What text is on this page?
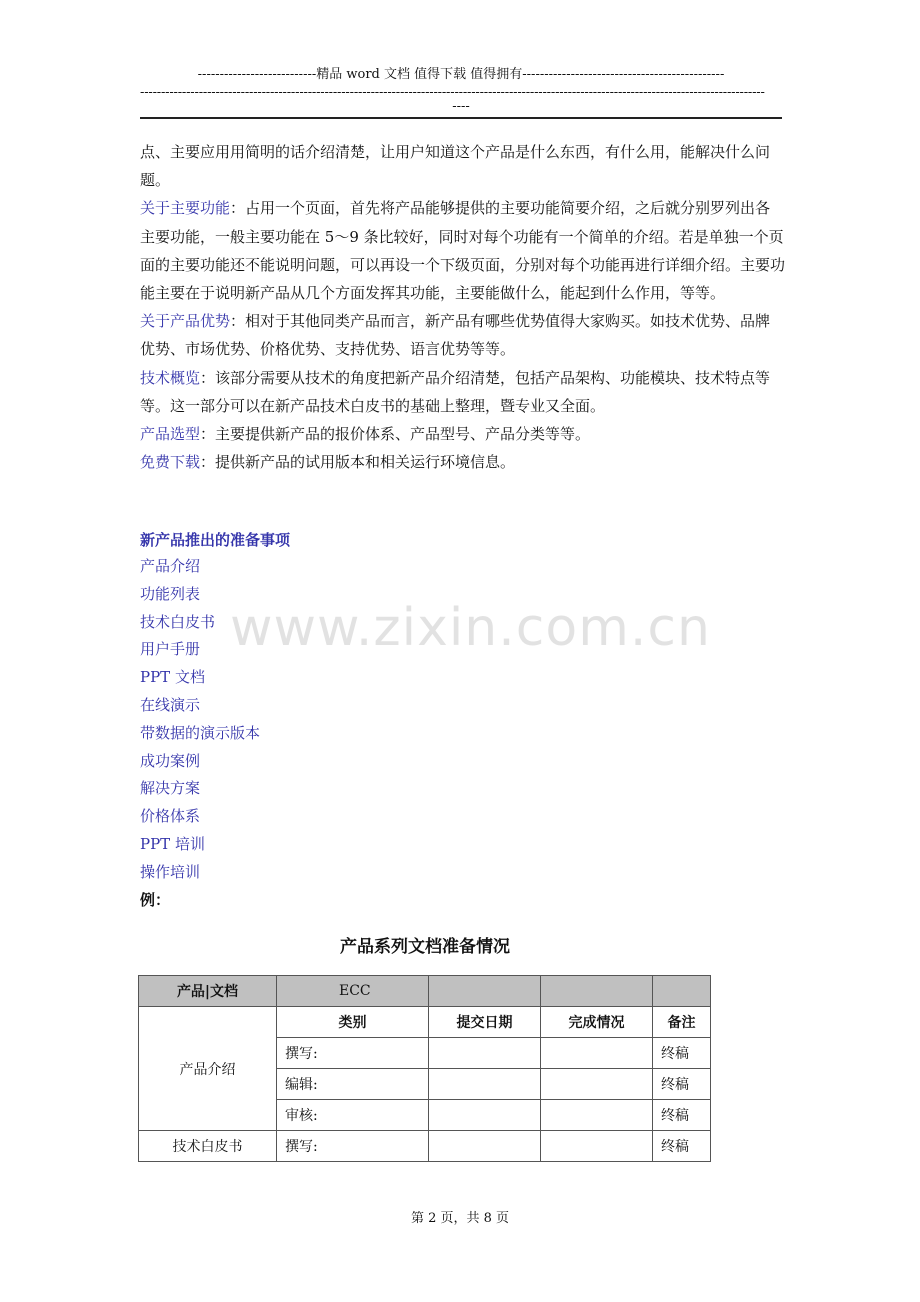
---------------------------精品 word 文档 值得下载 值得拥有----------------------------------------------
-----------------------------------------------------------------------------------------------------------------------------------------------------
----

点、主要应用用简明的话介绍清楚，让用户知道这个产品是什么东西，有什么用，能解决什么问题。

关于主要功能：占用一个页面，首先将产品能够提供的主要功能简要介绍，之后就分别罗列出各主要功能，一般主要功能在 5～9 条比较好，同时对每个功能有一个简单的介绍。若是单独一个页面的主要功能还不能说明问题，可以再设一个下级页面，分别对每个功能再进行详细介绍。主要功能主要在于说明新产品从几个方面发挥其功能，主要能做什么，能起到什么作用，等等。

关于产品优势：相对于其他同类产品而言，新产品有哪些优势值得大家购买。如技术优势、品牌优势、市场优势、价格优势、支持优势、语言优势等等。

技术概览：该部分需要从技术的角度把新产品介绍清楚，包括产品架构、功能模块、技术特点等等。这一部分可以在新产品技术白皮书的基础上整理，暨专业又全面。

产品选型：主要提供新产品的报价体系、产品型号、产品分类等等。

免费下载：提供新产品的试用版本和相关运行环境信息。

新产品推出的准备事项
产品介绍
功能列表
技术白皮书
用户手册
PPT 文档
在线演示
带数据的演示版本
成功案例
解决方案
价格体系
PPT 培训
操作培训
例：
www.zixin.com.cn
产品系列文档准备情况
产品|文档	ECC			
产品介绍	类别	提交日期	完成情况	备注
	撰写:			终稿
	编辑:			终稿
	审核:			终稿
技术白皮书	撰写:			终稿
第 2 页，共 8 页
